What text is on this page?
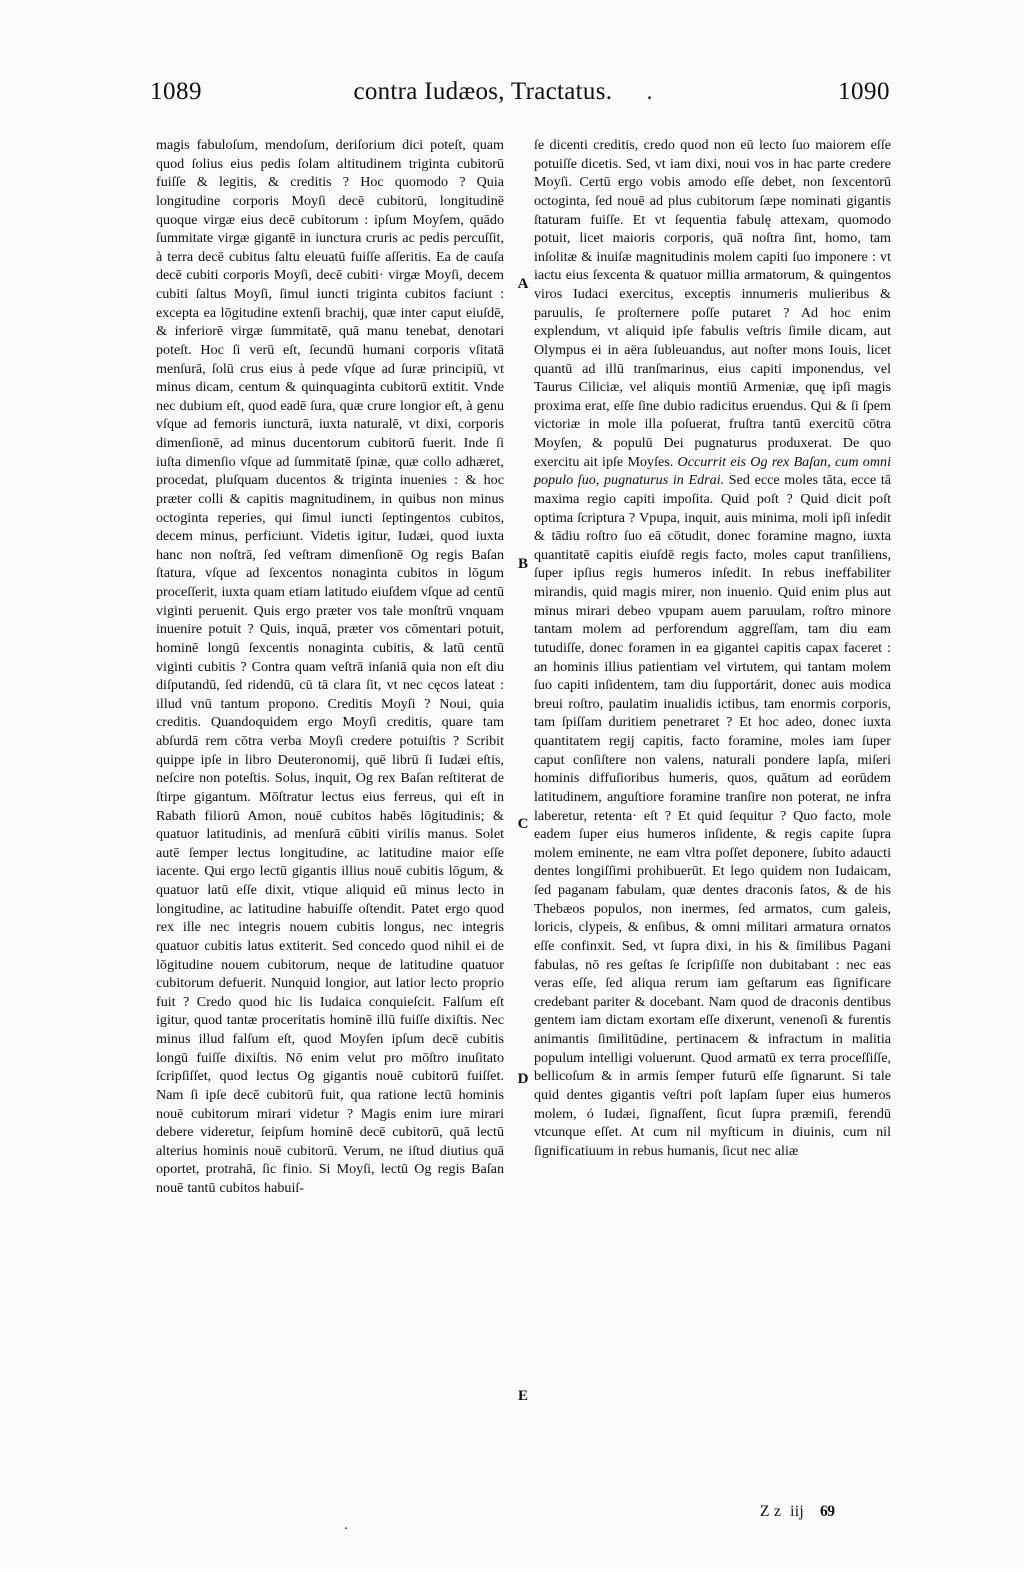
1089	contra Iudæos, Tractatus. .	1090

magis fabuloſum, mendoſum, deriſorium dici poteſt, quam quod ſolius eius pedis ſolam altitudinem triginta cubitorū fuiſſe & legitis, & creditis ? Hoc quomodo ? Quia longitudine corporis Moyſi decē cubitorū, longitudinē quoque virgæ eius decē cubitorum : ipſum Moyſem, quādo ſummitate virgæ gigantē in iunctura cruris ac pedis percuſſit, à terra decē cubitus ſaltu eleuatū fuiſſe aſſeritis. Ea de cauſa decē cubiti corporis Moyſi, decē cubiti· virgæ Moyſi, decem cubiti ſaltus Moyſi, ſimul iuncti triginta cubitos faciunt : excepta ea lōgitudine extenſi brachij, quæ inter caput eiuſdē, & inferiorē virgæ ſummitatē, quā manu tenebat, denotari poteſt. Hoc ſi verū eſt, ſecundū humani corporis vſitatā menſurā, ſolū crus eius à pede vſque ad ſuræ principiū, vt minus dicam, centum & quinquaginta cubitorū extitit. Vnde nec dubium eſt, quod eadē ſura, quæ crure longior eſt, à genu vſque ad femoris iuncturā, iuxta naturalē, vt dixi, corporis dimenſionē, ad minus ducentorum cubitorū fuerit. Inde ſi iuſta dimenſio vſque ad ſummitatē ſpinæ, quæ collo adhæret, procedat, pluſquam ducentos & triginta inuenies : & hoc præter colli & capitis magnitudinem, in quibus non minus octoginta reperies, qui ſimul iuncti ſeptingentos cubitos, decem minus, perficiunt. Videtis igitur, Iudæi, quod iuxta hanc non noſtrā, ſed veſtram dimenſionē Og regis Baſan ſtatura, vſque ad ſexcentos nonaginta cubitos in lōgum proceſſerit, iuxta quam etiam latitudo eiuſdem vſque ad centū viginti peruenit. Quis ergo præter vos tale monſtrū vnquam inuenire potuit ? Quis, inquā, præter vos cōmentari potuit, hominē longū ſexcentis nonaginta cubitis, & latū centū viginti cubitis ? Contra quam veſtrā inſaniā quia non eſt diu diſputandū, ſed ridendū, cū tā clara ſit, vt nec cęcos lateat : illud vnū tantum propono. Creditis Moyſi ? Noui, quia creditis. Quandoquidem ergo Moyſi creditis, quare tam abſurdā rem cōtra verba Moyſi credere potuiſtis ? Scribit quippe ipſe in libro Deuteronomij, quē librū ſi Iudæi eſtis, neſcire non poteſtis. Solus, inquit, Og rex Baſan reſtiterat de ſtirpe gigantum. Mōſtratur lectus eius ferreus, qui eſt in Rabath filiorū Amon, nouē cubitos habēs lōgitudinis; & quatuor latitudinis, ad menſurā cūbiti virilis manus. Solet autē ſemper lectus longitudine, ac latitudine maior eſſe iacente. Qui ergo lectū gigantis illius nouē cubitis lōgum, & quatuor latū eſſe dixit, vtique aliquid eū minus lecto in longitudine, ac latitudine habuiſſe oſtendit. Patet ergo quod rex ille nec integris nouem cubitis longus, nec integris quatuor cubitis latus extiterit. Sed concedo quod nihil ei de lōgitudine nouem cubitorum, neque de latitudine quatuor cubitorum defuerit. Nunquid longior, aut latior lecto proprio fuit ? Credo quod hic lis Iudaica conquieſcit. Falſum eſt igitur, quod tantæ proceritatis hominē illū fuiſſe dixiſtis. Nec minus illud falſum eſt, quod Moyſen ipſum decē cubitis longū fuiſſe dixiſtis. Nō enim velut pro mōſtro inuſitato ſcripſiſſet, quod lectus Og gigantis nouē cubitorū fuiſſet. Nam ſi ipſe decē cubitorū fuit, qua ratione lectū hominis nouē cubitorum mirari videtur ? Magis enim iure mirari debere videretur, ſeipſum hominē decē cubitorū, quā lectū alterius hominis nouē cubitorū. Verum, ne iſtud diutius quā oportet, protrahā, ſic finio. Si Moyſi, lectū Og regis Baſan nouē tantū cubitos habuiſ-

ſe dicenti creditis, credo quod non eū lecto ſuo maiorem eſſe potuiſſe dicetis. Sed, vt iam dixi, noui vos in hac parte credere Moyſi. Certū ergo vobis amodo eſſe debet, non ſexcentorū octoginta, ſed nouē ad plus cubitorum ſæpe nominati gigantis ſtaturam fuiſſe. Et vt ſequentia fabulę attexam, quomodo potuit, licet maioris corporis, quā noſtra ſint, homo, tam inſolitæ & inuiſæ magnitudinis molem capiti ſuo imponere : vt iactu eius ſexcenta & quatuor millia armatorum, & quingentos viros Iudaci exercitus, exceptis innumeris mulieribus & paruulis, ſe proſternere poſſe putaret ? Ad hoc enim explendum, vt aliquid ipſe fabulis veſtris ſimile dicam, aut Olympus ei in aëra ſubleuandus, aut noſter mons Iouis, licet quantū ad illū tranſmarinus, eius capiti imponendus, vel Taurus Ciliciæ, vel aliquis montiū Armeniæ, quę ipſi magis proxima erat, eſſe ſine dubio radicitus eruendus. Qui & ſi ſpem victoriæ in mole illa poſuerat, fruſtra tantū exercitū cōtra Moyſen, & populū Dei pugnaturus produxerat. De quo exercitu ait ipſe Moyſes. Occurrit eis Og rex Baſan, cum omni populo ſuo, pugnaturus in Edrai. Sed ecce moles tāta, ecce tā maxima regio capiti impoſita. Quid poſt ? Quid dicit poſt optima ſcriptura ? Vpupa, inquit, auis minima, moli ipſi inſedit & tādiu roſtro ſuo eā cōtudit, donec foramine magno, iuxta quantitatē capitis eiuſdē regis facto, moles caput tranſiliens, ſuper ipſius regis humeros inſedit. In rebus ineffabiliter mirandis, quid magis mirer, non inuenio. Quid enim plus aut minus mirari debeo vpupam auem paruulam, roſtro minore tantam molem ad perforendum aggreſſam, tam diu eam tutudiſſe, donec foramen in ea gigantei capitis capax faceret : an hominis illius patientiam vel virtutem, qui tantam molem ſuo capiti inſidentem, tam diu ſupportárit, donec auis modica breui roſtro, paulatim inualidis ictibus, tam enormis corporis, tam ſpiſſam duritiem penetraret ? Et hoc adeo, donec iuxta quantitatem regij capitis, facto foramine, moles iam ſuper caput conſiſtere non valens, naturali pondere lapſa, miſeri hominis diffuſioribus humeris, quos, quātum ad eorūdem latitudinem, anguſtiore foramine tranſire non poterat, ne infra laberetur, retenta· eſt ? Et quid ſequitur ? Quo facto, mole eadem ſuper eius humeros inſidente, & regis capite ſupra molem eminente, ne eam vltra poſſet deponere, ſubito adaucti dentes longiſſimi prohibuerūt. Et lego quidem non Iudaicam, ſed paganam fabulam, quæ dentes draconis ſatos, & de his Thebæos populos, non inermes, ſed armatos, cum galeis, loricis, clypeis, & enſibus, & omni militari armatura ornatos eſſe confinxit. Sed, vt ſupra dixi, in his & ſimilibus Pagani fabulas, nō res geſtas ſe ſcripſiſſe non dubitabant : nec eas veras eſſe, ſed aliqua rerum iam geſtarum eas ſignificare credebant pariter & docebant. Nam quod de draconis dentibus gentem iam dictam exortam eſſe dixerunt, venenoſi & furentis animantis ſimilitūdine, pertinacem & infractum in malitia populum intelligi voluerunt. Quod armatū ex terra proceſſiſſe, bellicoſum & in armis ſemper futurū eſſe ſignarunt. Si tale quid dentes gigantis veſtri poſt lapſam ſuper eius humeros molem, ó Iudæi, ſignaſſent, ſicut ſupra præmiſi, ferendū vtcunque eſſet. At cum nil myſticum in diuinis, cum nil ſignificatiuum in rebus humanis, ſicut nec aliæ

A
B
C
D
E
.
Z z iij 69
